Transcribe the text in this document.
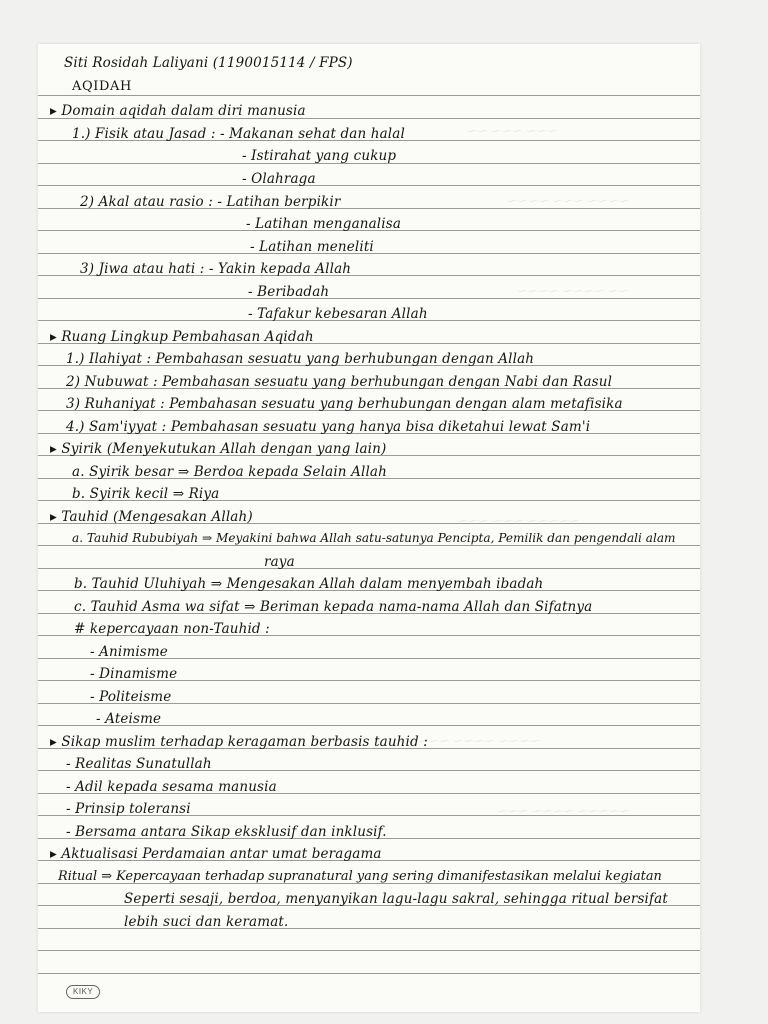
～～～ ～～～ ～～
～～～～ ～～～ ～～～～
～～ ～～～～ ～～～～
～～～～～ ～～～ ～～～
～～～～ ～～～～ ～～～～～
～～～～～ ～～～～ ～～～
Siti Rosidah Laliyani (1190015114 / FPS)
AQIDAH
▸ Domain aqidah dalam diri manusia
1.) Fisik atau Jasad : - Makanan sehat dan halal
- Istirahat yang cukup
- Olahraga
2) Akal atau rasio : - Latihan berpikir
- Latihan menganalisa
- Latihan meneliti
3) Jiwa atau hati : - Yakin kepada Allah
- Beribadah
- Tafakur kebesaran Allah
▸ Ruang Lingkup Pembahasan Aqidah
1.) Ilahiyat : Pembahasan sesuatu yang berhubungan dengan Allah
2) Nubuwat : Pembahasan sesuatu yang berhubungan dengan Nabi dan Rasul
3) Ruhaniyat : Pembahasan sesuatu yang berhubungan dengan alam metafisika
4.) Sam'iyyat : Pembahasan sesuatu yang hanya bisa diketahui lewat Sam'i
▸ Syirik (Menyekutukan Allah dengan yang lain)
a. Syirik besar ⇒ Berdoa kepada Selain Allah
b. Syirik kecil ⇒ Riya
▸ Tauhid (Mengesakan Allah)
a. Tauhid Rububiyah ⇒ Meyakini bahwa Allah satu-satunya Pencipta, Pemilik dan pengendali alam
raya
b. Tauhid Uluhiyah ⇒ Mengesakan Allah dalam menyembah ibadah
c. Tauhid Asma wa sifat ⇒ Beriman kepada nama-nama Allah dan Sifatnya
# kepercayaan non-Tauhid :
- Animisme
- Dinamisme
- Politeisme
- Ateisme
▸ Sikap muslim terhadap keragaman berbasis tauhid :
- Realitas Sunatullah
- Adil kepada sesama manusia
- Prinsip toleransi
- Bersama antara Sikap eksklusif dan inklusif.
▸ Aktualisasi Perdamaian antar umat beragama
Ritual ⇒ Kepercayaan terhadap supranatural yang sering dimanifestasikan melalui kegiatan
Seperti sesaji, berdoa, menyanyikan lagu-lagu sakral, sehingga ritual bersifat
lebih suci dan keramat.
KIKY
